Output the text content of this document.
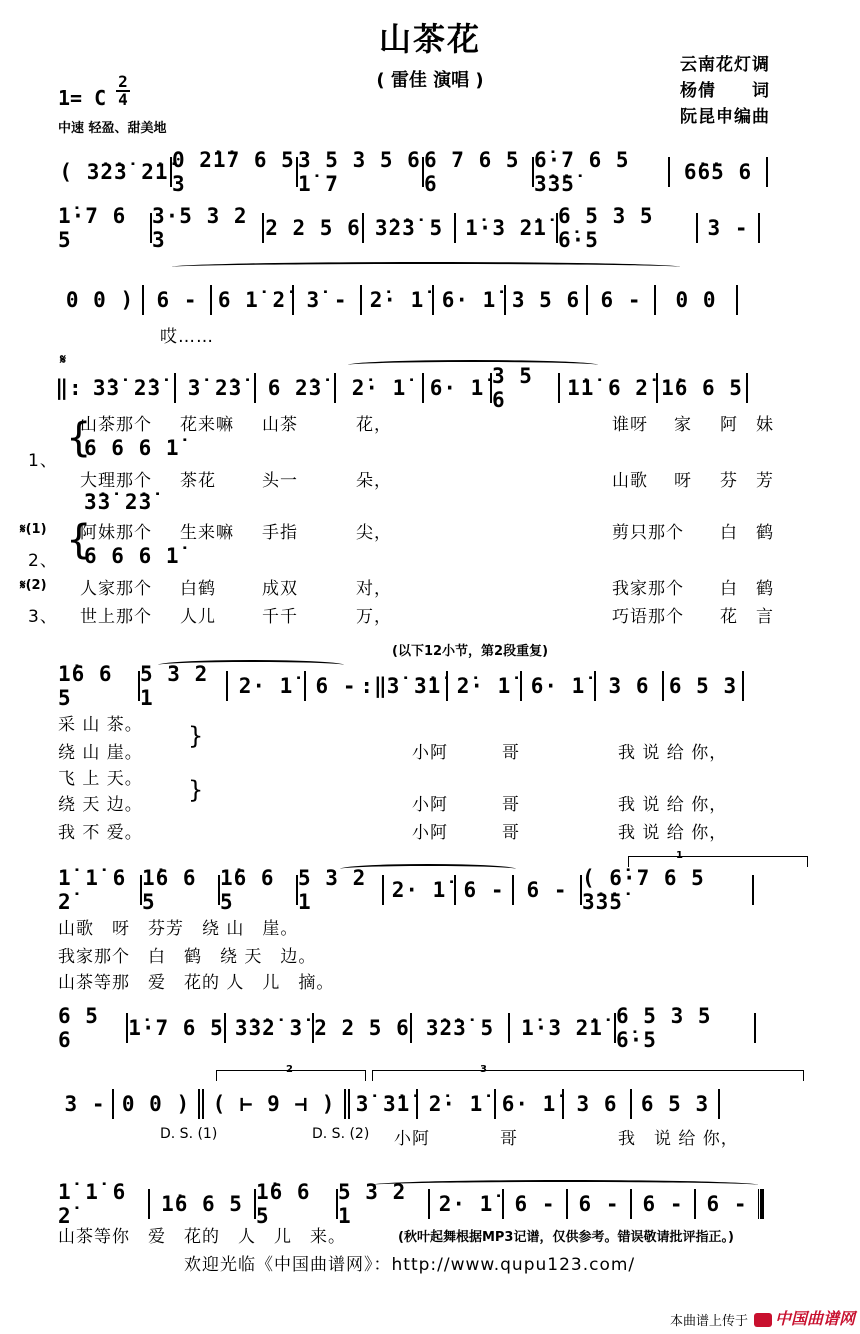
山茶花
( 雷佳 演唱 )
云南花灯调
杨倩　　词
阮昆申编曲
1= C
2
4
中速 轻盈、甜美地
( 3̇2̇3̇ 2̇1̇ 0 2̇1̇7 6 5 3
3 5 3 5 6 1̇ 7
6 7 6 5 6
6̇·7 6 5 3̇3̇5̇	6̇6̇5 6
1̇·7 6 5
3·5 3 2 3	2 2 5 6 3̇2̇3̇ 5	1̇·3 2̇1̇ 6 5 3 5 6̇·5	3 -
0 0 )	6 - 6 1̇ 2̇ 3̇ -	2̇· 1̇ 6· 1̇ 3 5 6 6 -	0 0
哎……
𝄋
‖: 3̇3̇ 2̇3̇	3̇ 2̇3̇	6 2̇3̇	2̇· 1̇	6· 1̇ 3 5 6	1̇1̇ 6 2̇ 1̇6 6 5
1、 {
山茶那个 花来嘛 山茶	花，	谁呀 家 阿 妹
6 6 6 1̇
大理那个 茶花	头一	朵，	山歌 呀 芬 芳
3̇3̇ 2̇3̇
𝄋(1)
2、 {
阿妹那个 生来嘛 手指	尖，	剪只那个 白 鹤
6 6 6 1̇
𝄋(2) 人家那个 白鹤	成双	对，	我家那个 白 鹤
3、 世上那个 人儿	千千	万，	巧语那个 花 言
(以下12小节，第2段重复)
1̇6 6 5
5 3 2 1	2· 1̇	6 - :‖ 3̇ 3̇1̇ 2̇· 1̇ 6· 1̇	3 6 6 5 3
采 山 茶。
绕 山 崖。	小阿　　　哥	我 说 给 你，
}
飞 上 天。
绕 天 边。	小阿　　　哥	我 说 给 你，
}
我 不 爱。	小阿　　　哥	我 说 给 你，
1
1̇ 1̇ 6 2̇
1̇6 6 5
1̇6 6 5
5 3 2 1	2· 1̇ 6 -	6 - ( 6̇·7 6 5 3̇3̇5̇
山歌　呀　芬芳　绕 山　崖。
我家那个　白　鹤　绕 天　边。
山茶等那　爱　花的 人　儿　摘。
6 5 6	1̇·7 6 5 3̇3̇2̇ 3̇ 2 2 5 6 3̇2̇3̇ 5	1̇·3 2̇1̇ 6 5 3 5 6̇·5
2	3
3 - 0 0 )	( ⊢ 9 ⊣ ) 3̇ 3̇1̇ 2̇· 1̇ 6· 1̇ 3 6	6 5 3
D. S. (1)	D. S. (2) 小阿	哥	我　说 给 你，
1̇ 1̇ 6 2̇	1̇6 6 5 1̇6 6 5
5 3 2 1	2· 1̇	6 -	6 -	6 -	6 -
山茶等你　爱　花的　人　儿　来。	(秋叶起舞根据MP3记谱，仅供参考。错误敬请批评指正。)
欢迎光临《中国曲谱网》：http://www.qupu123.com/
本曲谱上传于	中国曲谱网
